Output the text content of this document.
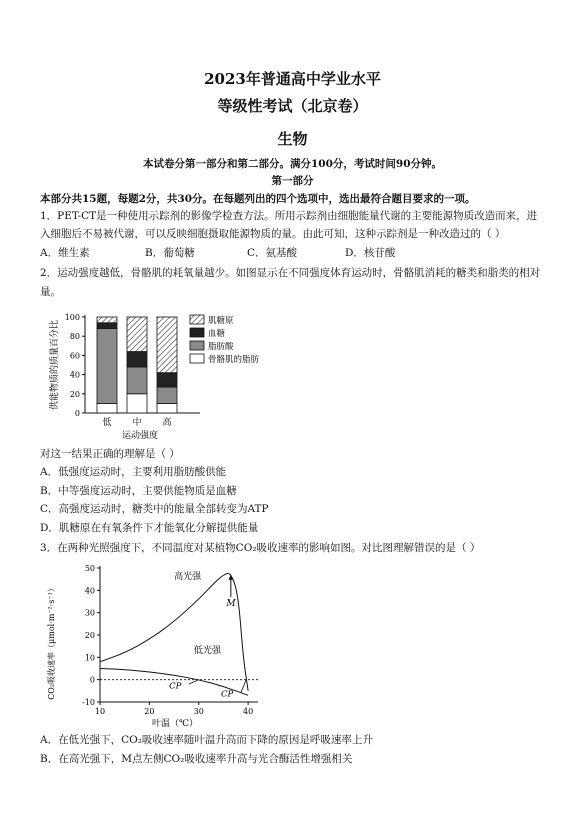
2023年普通高中学业水平
等级性考试（北京卷）
生物
本试卷分第一部分和第二部分。满分100分，考试时间90分钟。
第一部分
本部分共15题，每题2分，共30分。在每题列出的四个选项中，选出最符合题目要求的一项。
1．PET-CT是一种使用示踪剂的影像学检查方法。所用示踪剂由细胞能量代谢的主要能源物质改造而来，进
入细胞后不易被代谢，可以反映细胞摄取能源物质的量。由此可知，这种示踪剂是一种改造过的（ ）
A．维生素	B．葡萄糖	C．氨基酸	D．核苷酸
2．运动强度越低，骨骼肌的耗氧量越少。如图显示在不同强度体育运动时，骨骼肌消耗的糖类和脂类的相对
量。
供能物质的质量百分比
0
20
40
60
80
100
低 中 高
运动强度
肌糖原
血糖
脂肪酸
骨骼肌的脂肪
对这一结果正确的理解是（ ）
A．低强度运动时，主要利用脂肪酸供能
B．中等强度运动时，主要供能物质是血糖
C．高强度运动时，糖类中的能量全部转变为ATP
D．肌糖原在有氧条件下才能氧化分解提供能量
3．在两种光照强度下，不同温度对某植物CO₂吸收速率的影响如图。对比图理解错误的是（ ）
CO₂吸收速率（μmol·m⁻²·s⁻¹）
-10
0
10
20
30
40
50
10	20	30	40
高光强
低光强
M
CP
CP
叶温（℃）
A．在低光强下，CO₂吸收速率随叶温升高而下降的原因是呼吸速率上升
B．在高光强下，M点左侧CO₂吸收速率升高与光合酶活性增强相关
